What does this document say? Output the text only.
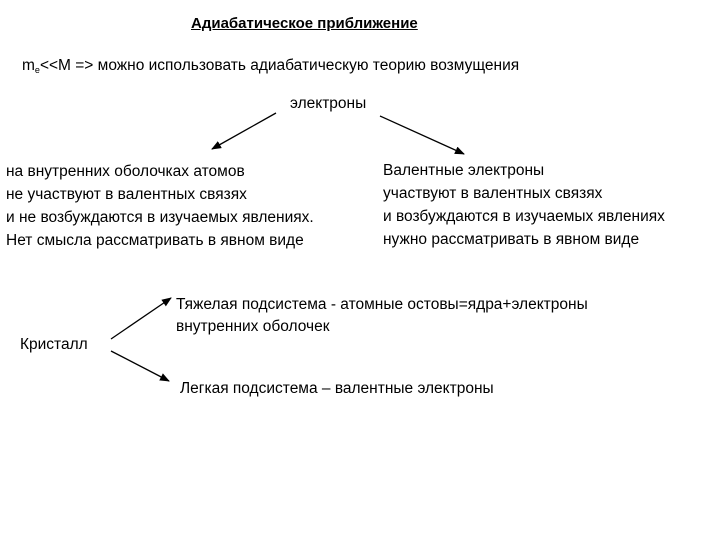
Адиабатическое приближение
me<<M => можно использовать адиабатическую теорию возмущения
электроны
на внутренних оболочках атомов
не участвуют в валентных связях
и не возбуждаются в изучаемых явлениях.
Нет смысла рассматривать в явном виде
Валентные электроны
участвуют в валентных связях
и возбуждаются в изучаемых явлениях
нужно рассматривать в явном виде
Кристалл
Тяжелая подсистема - атомные остовы=ядра+электроны
внутренних оболочек
Легкая подсистема – валентные электроны
